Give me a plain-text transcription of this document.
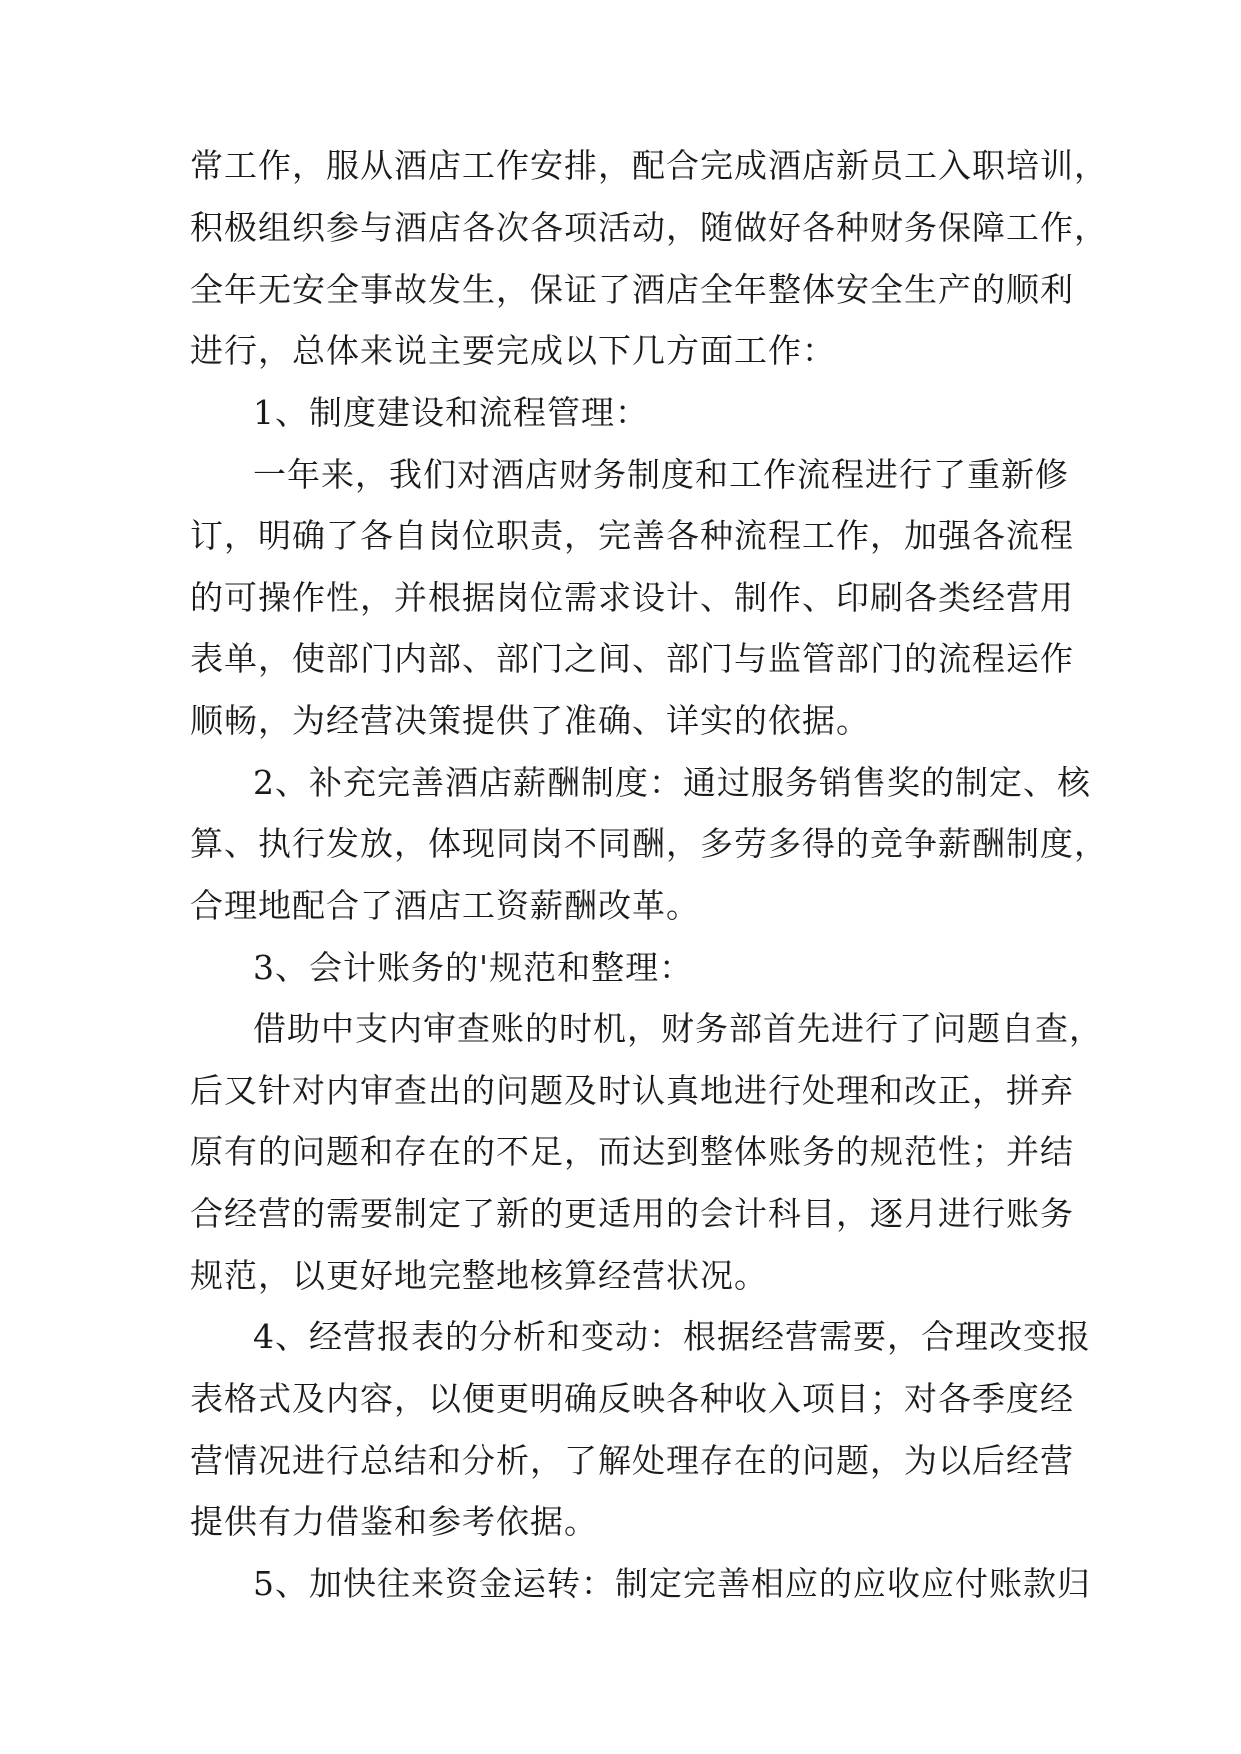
常工作，服从酒店工作安排，配合完成酒店新员工入职培训，
积极组织参与酒店各次各项活动，随做好各种财务保障工作，
全年无安全事故发生，保证了酒店全年整体安全生产的顺利
进行，总体来说主要完成以下几方面工作：
1、制度建设和流程管理：
一年来，我们对酒店财务制度和工作流程进行了重新修
订，明确了各自岗位职责，完善各种流程工作，加强各流程
的可操作性，并根据岗位需求设计、制作、印刷各类经营用
表单，使部门内部、部门之间、部门与监管部门的流程运作
顺畅，为经营决策提供了准确、详实的依据。
2、补充完善酒店薪酬制度：通过服务销售奖的制定、核
算、执行发放，体现同岗不同酬，多劳多得的竞争薪酬制度，
合理地配合了酒店工资薪酬改革。
3、会计账务的'规范和整理：
借助中支内审查账的时机，财务部首先进行了问题自查，
后又针对内审查出的问题及时认真地进行处理和改正，拼弃
原有的问题和存在的不足，而达到整体账务的规范性；并结
合经营的需要制定了新的更适用的会计科目，逐月进行账务
规范，以更好地完整地核算经营状况。
4、经营报表的分析和变动：根据经营需要，合理改变报
表格式及内容，以便更明确反映各种收入项目；对各季度经
营情况进行总结和分析，了解处理存在的问题，为以后经营
提供有力借鉴和参考依据。
5、加快往来资金运转：制定完善相应的应收应付账款归
